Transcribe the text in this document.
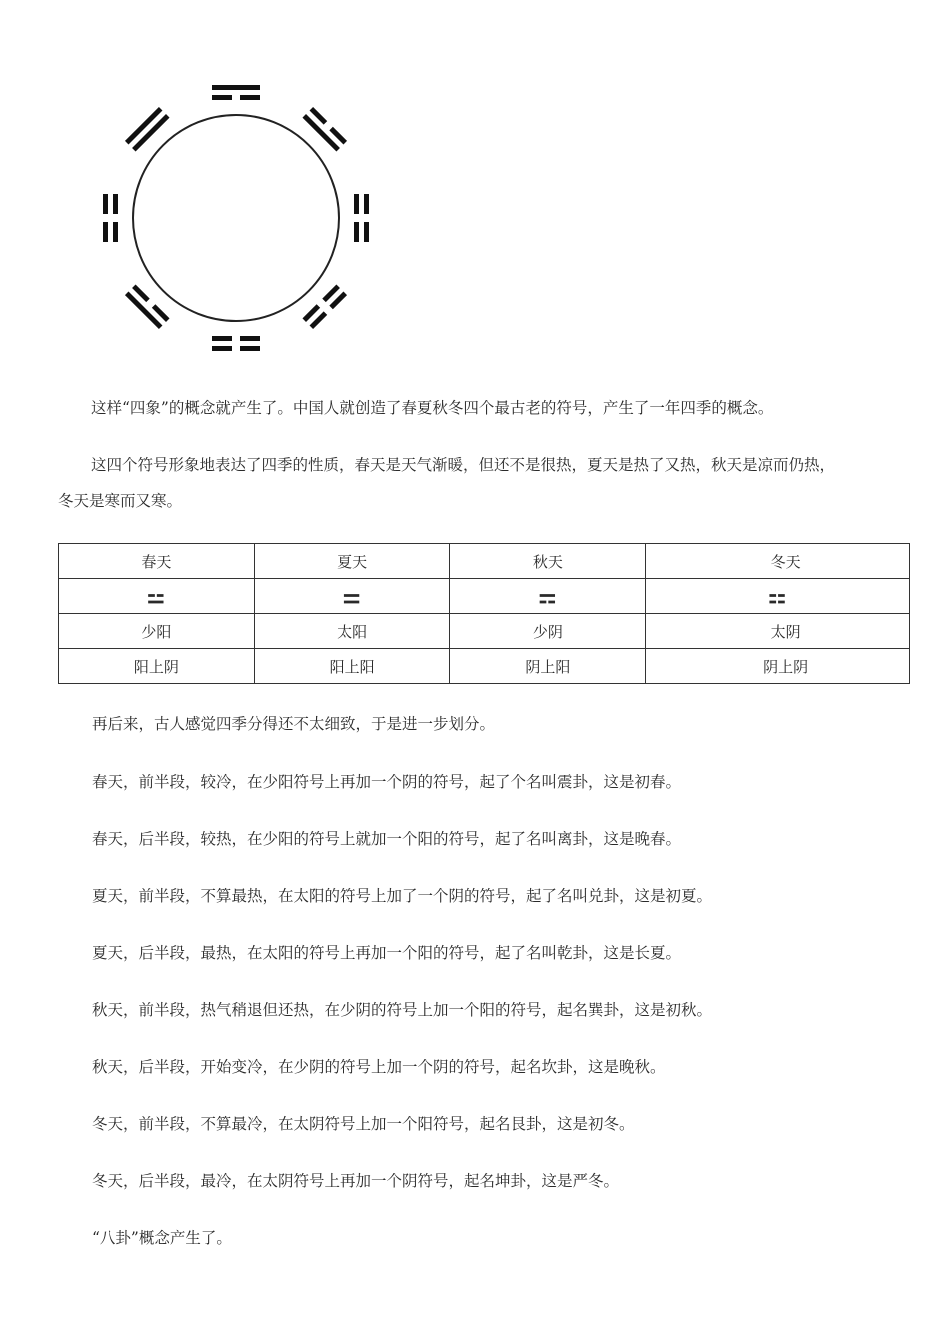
这样“四象”的概念就产生了。中国人就创造了春夏秋冬四个最古老的符号，产生了一年四季的概念。

这四个符号形象地表达了四季的性质，春天是天气渐暖，但还不是很热，夏天是热了又热，秋天是凉而仍热，
冬天是寒而又寒。

春天	夏天	秋天	冬天
⚍	⚌	⚎	⚏
少阳	太阳	少阴	太阴
阳上阴	阳上阳	阴上阳	阴上阴

再后来，古人感觉四季分得还不太细致，于是进一步划分。

春天，前半段，较冷，在少阳符号上再加一个阴的符号，起了个名叫震卦，这是初春。

春天，后半段，较热，在少阳的符号上就加一个阳的符号，起了名叫离卦，这是晚春。

夏天，前半段，不算最热，在太阳的符号上加了一个阴的符号，起了名叫兑卦，这是初夏。

夏天，后半段，最热，在太阳的符号上再加一个阳的符号，起了名叫乾卦，这是长夏。

秋天，前半段，热气稍退但还热，在少阴的符号上加一个阳的符号，起名巽卦，这是初秋。

秋天，后半段，开始变冷，在少阴的符号上加一个阴的符号，起名坎卦，这是晚秋。

冬天，前半段，不算最冷，在太阴符号上加一个阳符号，起名艮卦，这是初冬。

冬天，后半段，最冷，在太阴符号上再加一个阴符号，起名坤卦，这是严冬。

“八卦”概念产生了。
